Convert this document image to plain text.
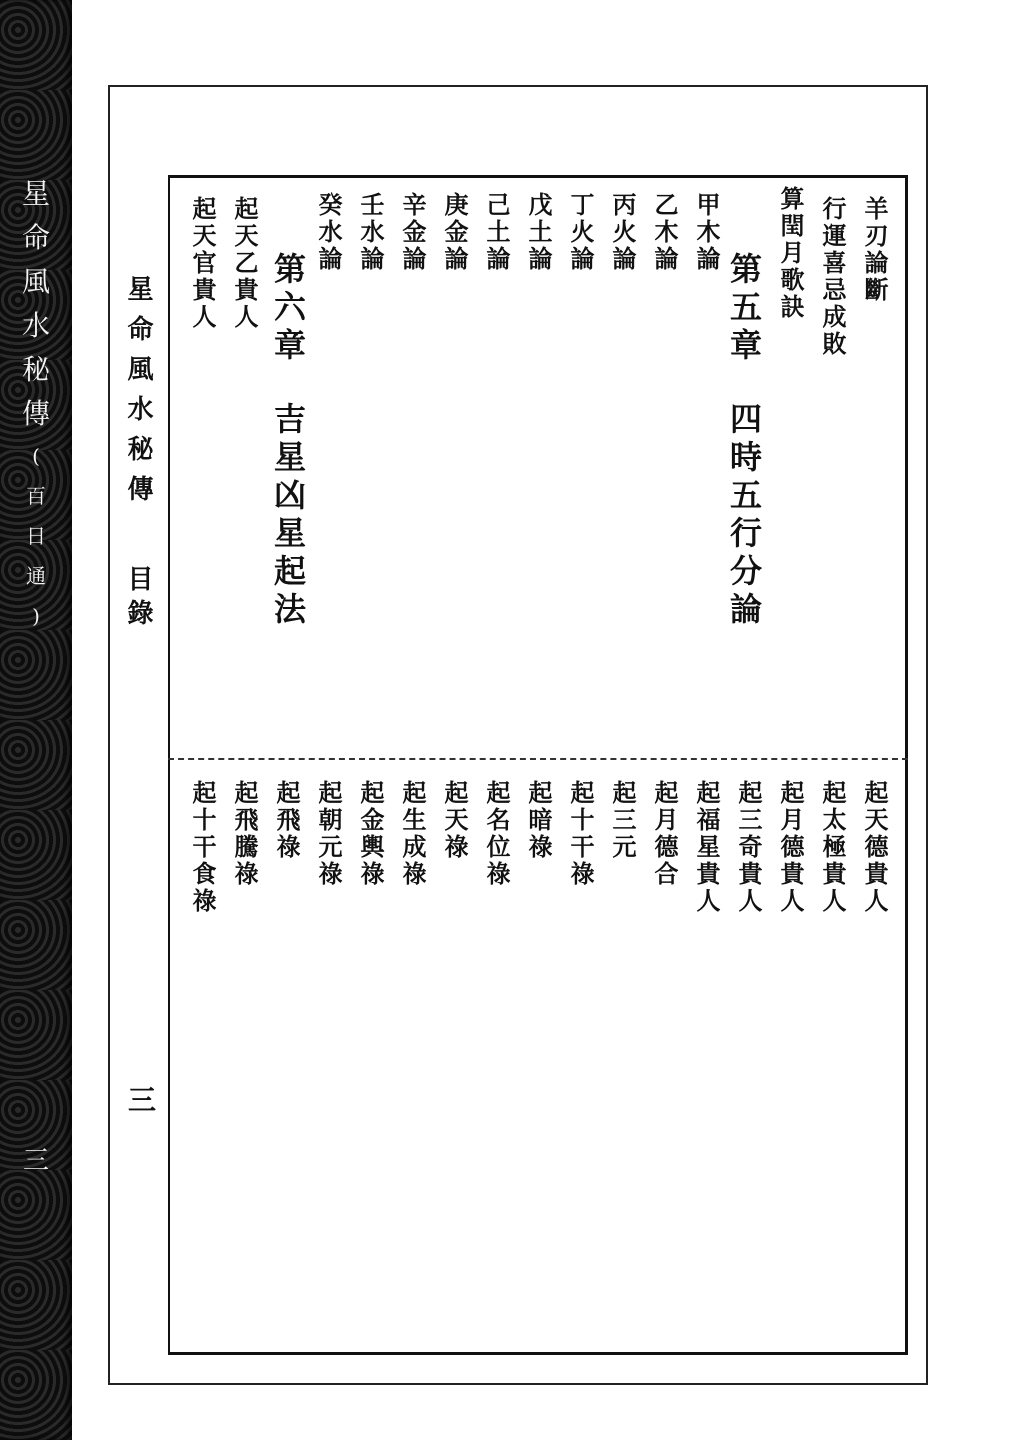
星
命
風
水
秘
傳
(
百
日
通
)
三
星命風水秘傳
目錄
三
羊刃論斷
行運喜忌成敗
算閏月歌訣
第五章四時五行分論
甲木論
乙木論
丙火論
丁火論
戊土論
己土論
庚金論
辛金論
壬水論
癸水論
第六章吉星凶星起法
起天乙貴人
起天官貴人
起天德貴人
起太極貴人
起月德貴人
起三奇貴人
起福星貴人
起月德合
起三元
起十干祿
起暗祿
起名位祿
起天祿
起生成祿
起金輿祿
起朝元祿
起飛祿
起飛騰祿
起十干食祿
